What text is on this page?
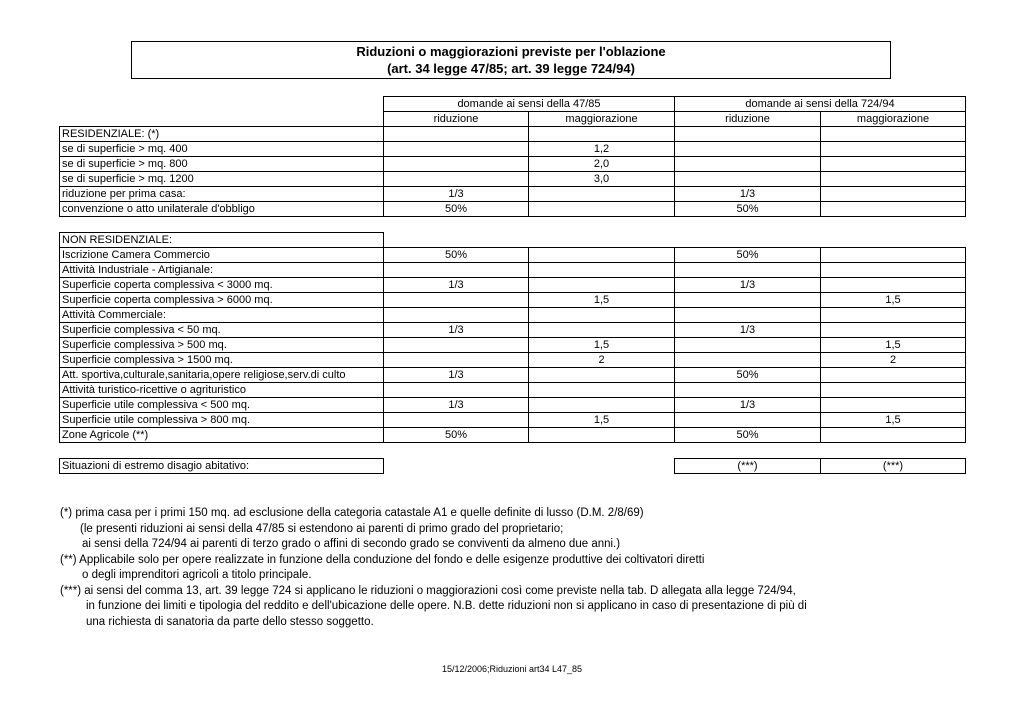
Riduzioni o maggiorazioni previste per l'oblazione
(art. 34 legge 47/85; art. 39 legge 724/94)
	domande ai sensi della 47/85		domande ai sensi della 724/94	
	riduzione	maggiorazione	riduzione	maggiorazione
RESIDENZIALE: (*)				
se di superficie > mq. 400		1,2		
se di superficie > mq. 800		2,0		
se di superficie > mq. 1200		3,0		
riduzione per prima casa:	1/3		1/3	
convenzione o atto unilaterale d'obbligo	50%		50%	

NON RESIDENZIALE:				
Iscrizione Camera Commercio	50%		50%	
Attività Industriale - Artigianale:				
Superficie coperta complessiva < 3000 mq.	1/3		1/3	
Superficie coperta complessiva > 6000 mq.		1,5		1,5
Attività Commerciale:				
Superficie complessiva < 50 mq.	1/3		1/3	
Superficie complessiva > 500 mq.		1,5		1,5
Superficie complessiva > 1500 mq.		2		2
Att. sportiva,culturale,sanitaria,opere religiose,serv.di culto	1/3		50%	
Attività turistico-ricettive o agrituristico				
Superficie utile complessiva < 500 mq.	1/3		1/3	
Superficie utile complessiva > 800 mq.		1,5		1,5
Zone Agricole (**)	50%		50%	

Situazioni di estremo disagio abitativo:			(***)	(***)
(*) prima casa per i primi 150 mq. ad esclusione della categoria catastale A1 e quelle definite di lusso (D.M. 2/8/69)
(le presenti riduzioni ai sensi della 47/85 si estendono ai parenti di primo grado del proprietario;
ai sensi della 724/94 ai parenti di terzo grado o affini di secondo grado se conviventi da almeno due anni.)
(**) Applicabile solo per opere realizzate in funzione della conduzione del fondo e delle esigenze produttive dei coltivatori diretti
o degli imprenditori agricoli a titolo principale.
(***) ai sensi del comma 13, art. 39 legge 724 si applicano le riduzioni o maggiorazioni così come previste nella tab. D allegata alla legge 724/94,
in funzione dei limiti e tipologia del reddito e dell'ubicazione delle opere. N.B. dette riduzioni non si applicano in caso di presentazione di più di
una richiesta di sanatoria da parte dello stesso soggetto.
15/12/2006;Riduzioni art34 L47_85
